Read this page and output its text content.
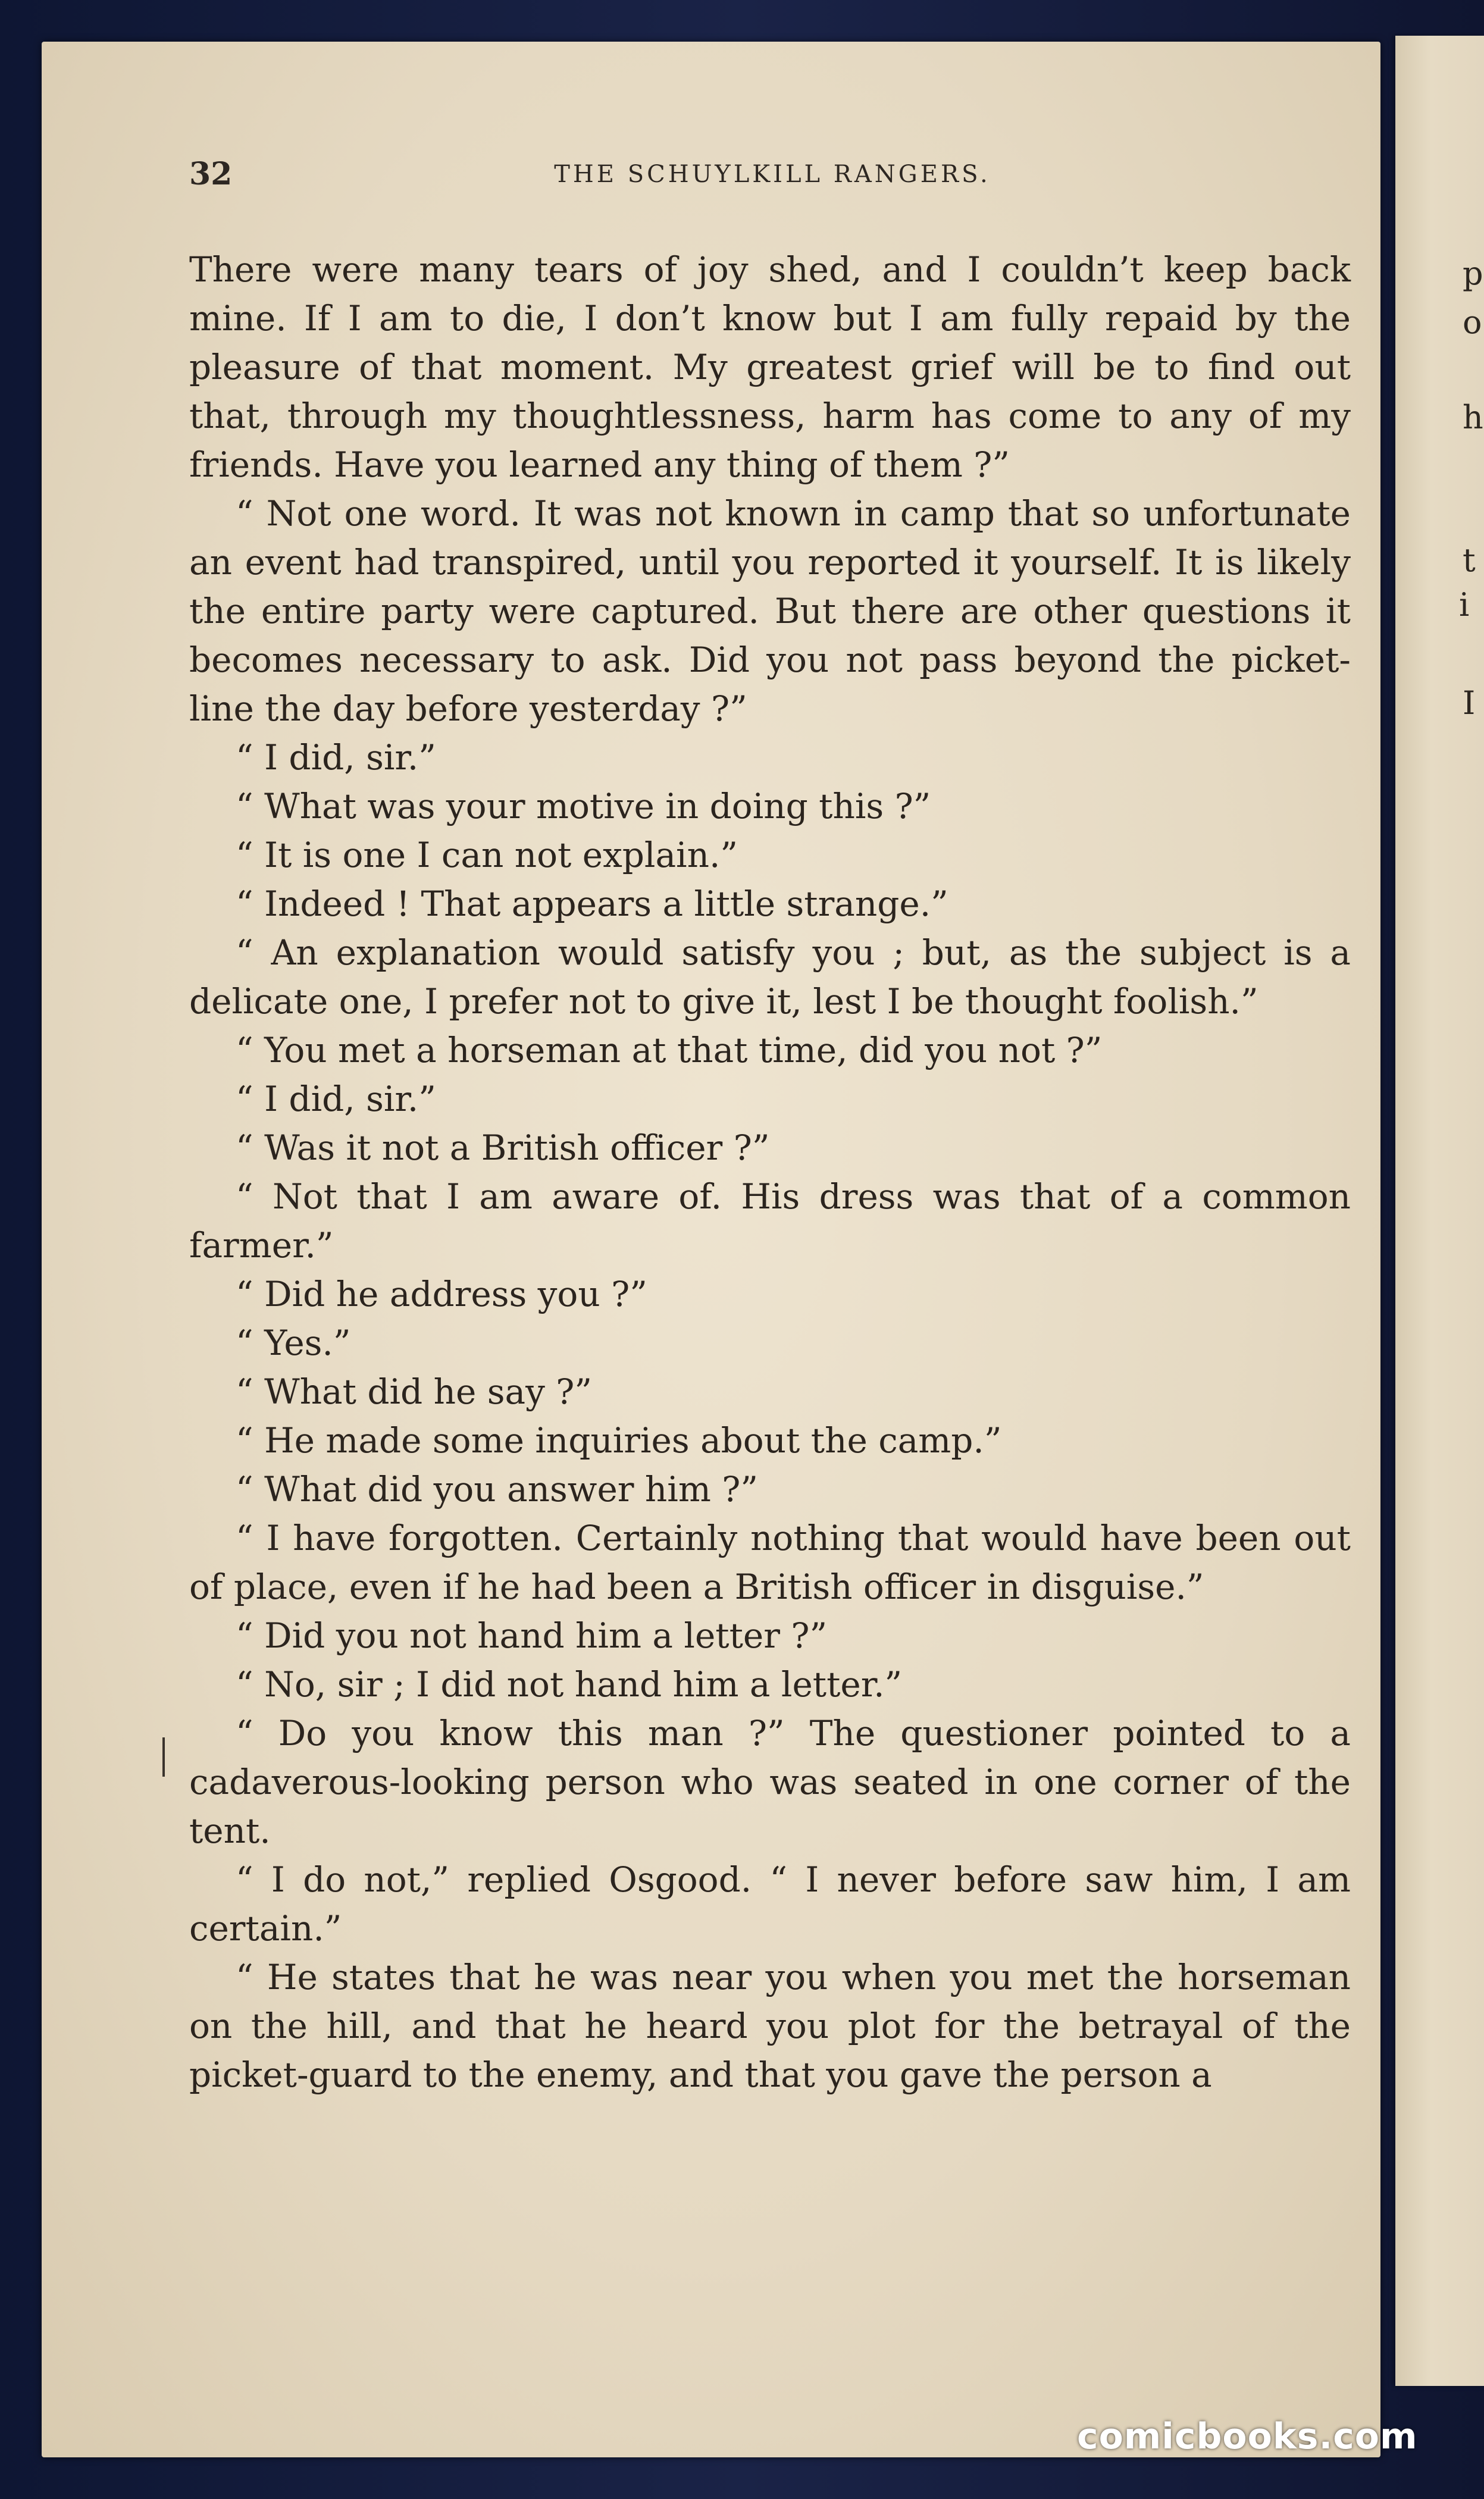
p
o
h
t
i
I
32	THE SCHUYLKILL RANGERS.

There were many tears of joy shed, and I couldn’t keep back mine. If I am to die, I don’t know but I am fully repaid by the pleasure of that moment. My greatest grief will be to find out that, through my thoughtlessness, harm has come to any of my friends. Have you learned any thing of them ?”

“ Not one word. It was not known in camp that so unfortunate an event had transpired, until you reported it yourself. It is likely the entire party were captured. But there are other questions it becomes necessary to ask. Did you not pass beyond the picket-line the day before yesterday ?”

“ I did, sir.”

“ What was your motive in doing this ?”

“ It is one I can not explain.”

“ Indeed ! That appears a little strange.”

“ An explanation would satisfy you ; but, as the subject is a delicate one, I prefer not to give it, lest I be thought foolish.”

“ You met a horseman at that time, did you not ?”

“ I did, sir.”

“ Was it not a British officer ?”

“ Not that I am aware of. His dress was that of a common farmer.”

“ Did he address you ?”

“ Yes.”

“ What did he say ?”

“ He made some inquiries about the camp.”

“ What did you answer him ?”

“ I have forgotten. Certainly nothing that would have been out of place, even if he had been a British officer in disguise.”

“ Did you not hand him a letter ?”

“ No, sir ; I did not hand him a letter.”

“ Do you know this man ?” The questioner pointed to a cadaverous-looking person who was seated in one corner of the tent.

“ I do not,” replied Osgood. “ I never before saw him, I am certain.”

“ He states that he was near you when you met the horseman on the hill, and that he heard you plot for the betrayal of the picket-guard to the enemy, and that you gave the person a

comicbooks.com
